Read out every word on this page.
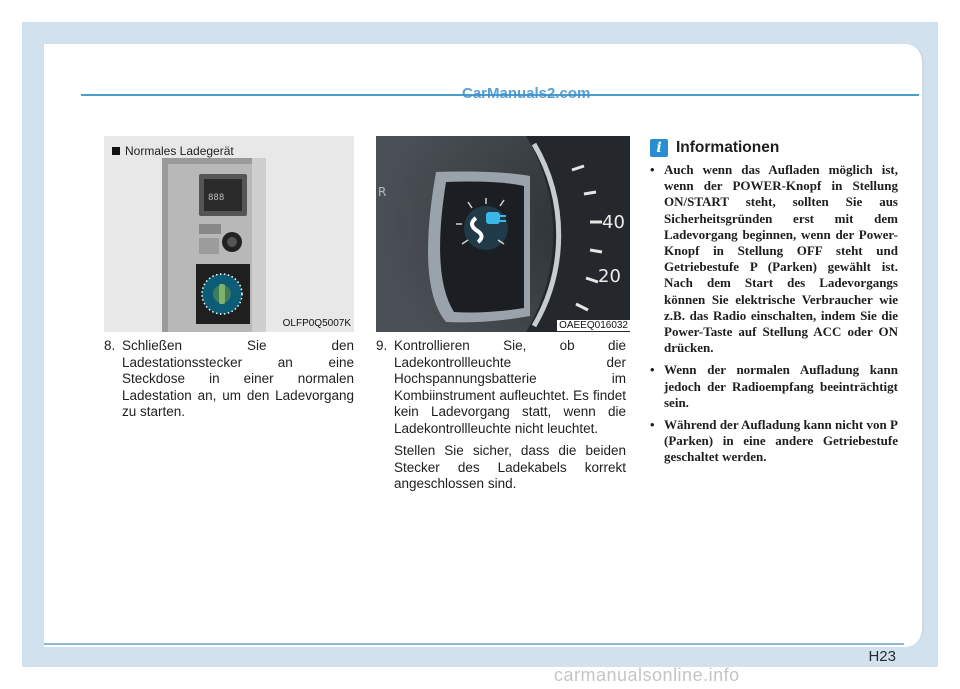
Normales Ladegerät
888
OLFP0Q5007K
40
20
R
OAEEQ016032
8. Schließen Sie den Ladestationsstecker an eine Steckdose in einer normalen Ladestation an, um den Ladevorgang zu starten.

9. Kontrollieren Sie, ob die Ladekontrollleuchte der Hochspannungsbatterie im Kombiinstrument aufleuchtet. Es findet kein Ladevorgang statt, wenn die Ladekontrollleuchte nicht leuchtet.

Stellen Sie sicher, dass die beiden Stecker des Ladekabels korrekt angeschlossen sind.

i Informationen
• Auch wenn das Aufladen möglich ist, wenn der POWER-Knopf in Stellung ON/START steht, sollten Sie aus Sicherheitsgründen erst mit dem Ladevorgang beginnen, wenn der Power-Knopf in Stellung OFF steht und Getriebestufe P (Parken) gewählt ist. Nach dem Start des Ladevorgangs können Sie elektrische Verbraucher wie z.B. das Radio einschalten, indem Sie die Power-Taste auf Stellung ACC oder ON drücken.
• Wenn der normalen Aufladung kann jedoch der Radioempfang beeinträchtigt sein.
• Während der Aufladung kann nicht von P (Parken) in eine andere Getriebestufe geschaltet werden.
H23
CarManuals2.com
carmanualsonline.info
